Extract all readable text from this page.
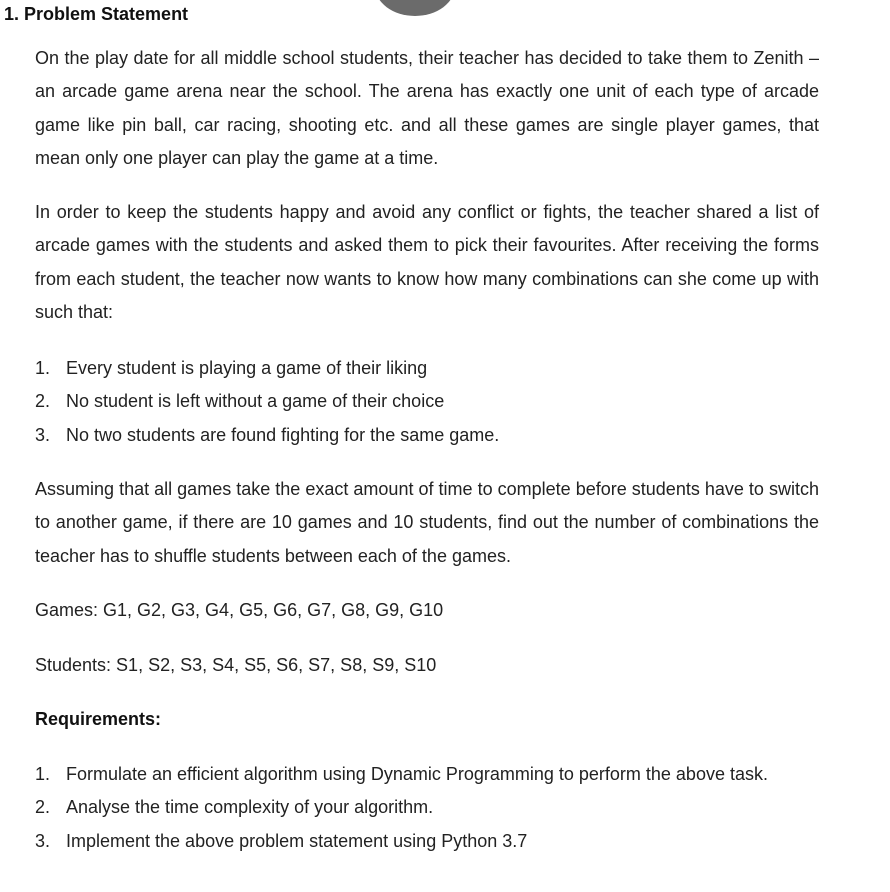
1. Problem Statement

On the play date for all middle school students, their teacher has decided to take them to Zenith – an arcade game arena near the school. The arena has exactly one unit of each type of arcade game like pin ball, car racing, shooting etc. and all these games are single player games, that mean only one player can play the game at a time.

In order to keep the students happy and avoid any conflict or fights, the teacher shared a list of arcade games with the students and asked them to pick their favourites. After receiving the forms from each student, the teacher now wants to know how many combinations can she come up with such that:

1. Every student is playing a game of their liking
2. No student is left without a game of their choice
3. No two students are found fighting for the same game.

Assuming that all games take the exact amount of time to complete before students have to switch to another game, if there are 10 games and 10 students, find out the number of combinations the teacher has to shuffle students between each of the games.

Games: G1, G2, G3, G4, G5, G6, G7, G8, G9, G10

Students: S1, S2, S3, S4, S5, S6, S7, S8, S9, S10

Requirements:

1. Formulate an efficient algorithm using Dynamic Programming to perform the above task.
2. Analyse the time complexity of your algorithm.
3. Implement the above problem statement using Python 3.7
